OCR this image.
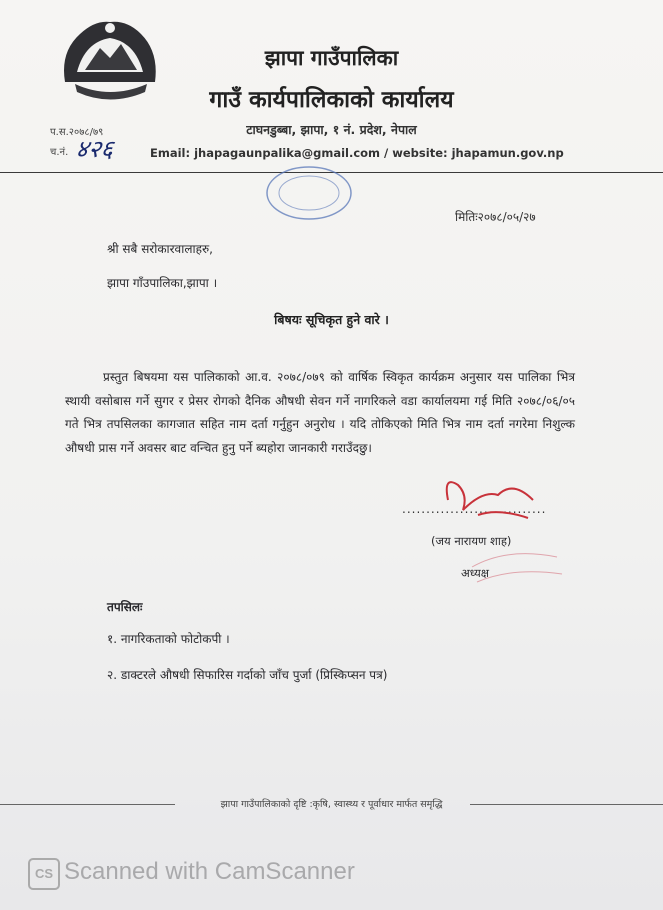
झापा गाउँपालिका
गाउँ कार्यपालिकाको कार्यालय
टाघनडुब्बा, झापा, १ नं. प्रदेश, नेपाल
Email: jhapagaunpalika@gmail.com / website: jhapamun.gov.np
प.स.२०७८/७९
च.नं. ४२६
मितिः२०७८/०५/२७
श्री सबै सरोकारवालाहरु,
झापा गाँउपालिका,झापा ।
बिषयः सूचिकृत हुने वारे ।
प्रस्तुत बिषयमा यस पालिकाको आ.व. २०७८/०७९ को वार्षिक स्विकृत कार्यक्रम अनुसार यस पालिका भित्र स्थायी वसोबास गर्ने सुगर र प्रेसर रोगको दैनिक औषधी सेवन गर्ने नागरिकले वडा कार्यालयमा गई मिति २०७८/०६/०५ गते भित्र तपसिलका कागजात सहित नाम दर्ता गर्नुहुन अनुरोध । यदि तोकिएको मिति भित्र नाम दर्ता नगरेमा निशुल्क औषधी प्रास गर्ने अवसर बाट वन्चित हुनु पर्ने ब्यहोरा जानकारी गराउँदछु।
..............................
(जय नारायण शाह)
अध्यक्ष
तपसिलः
१. नागरिकताको फोटोकपी ।
२. डाक्टरले औषधी सिफारिस गर्दाको जाँच पुर्जा (प्रिस्किप्सन पत्र)
झापा गाउँपालिकाको दृष्टि :कृषि, स्वास्थ्य र पूर्वाधार मार्फत समृद्धि
CS Scanned with CamScanner
